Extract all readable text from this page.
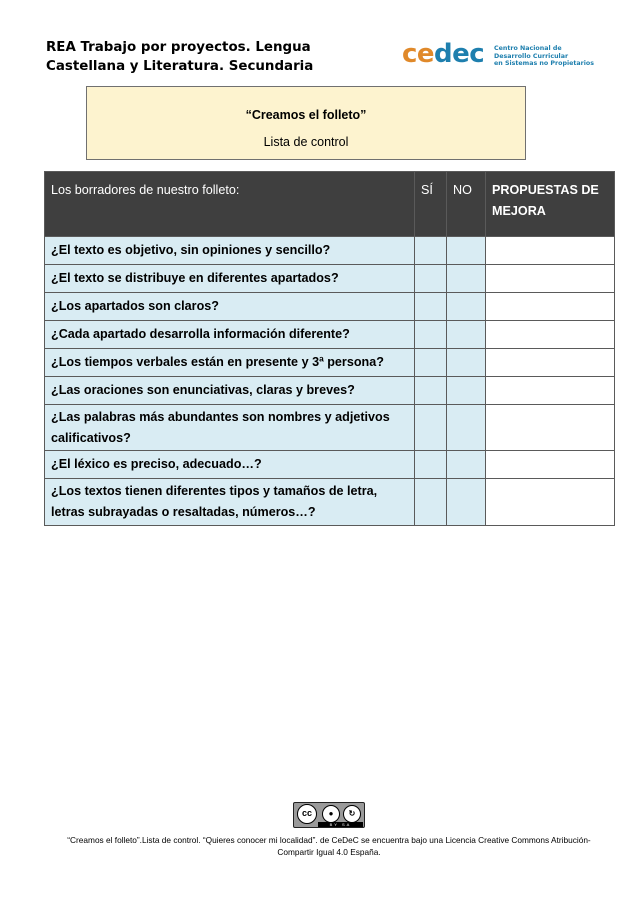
REA Trabajo por proyectos. Lengua
Castellana y Literatura. Secundaria	cedec Centro Nacional de
Desarrollo Curricular
en Sistemas no Propietarios
“Creamos el folleto”
Lista de control
Los borradores de nuestro folleto:	SÍ	NO	PROPUESTAS DE MEJORA
¿El texto es objetivo, sin opiniones y sencillo?			
¿El texto se distribuye en diferentes apartados?			
¿Los apartados son claros?			
¿Cada apartado desarrolla información diferente?			
¿Los tiempos verbales están en presente y 3ª persona?			
¿Las oraciones son enunciativas, claras y breves?			
¿Las palabras más abundantes son nombres y adjetivos calificativos?			
¿El léxico es preciso, adecuado…?			
¿Los textos tienen diferentes tipos y tamaños de letra, letras subrayadas o resaltadas, números…?			
cc	●	↻
BY SA
“Creamos el folleto”.Lista de control. “Quieres conocer mi localidad”. de CeDeC se encuentra bajo una Licencia Creative Commons Atribución-
Compartir Igual 4.0 España.
